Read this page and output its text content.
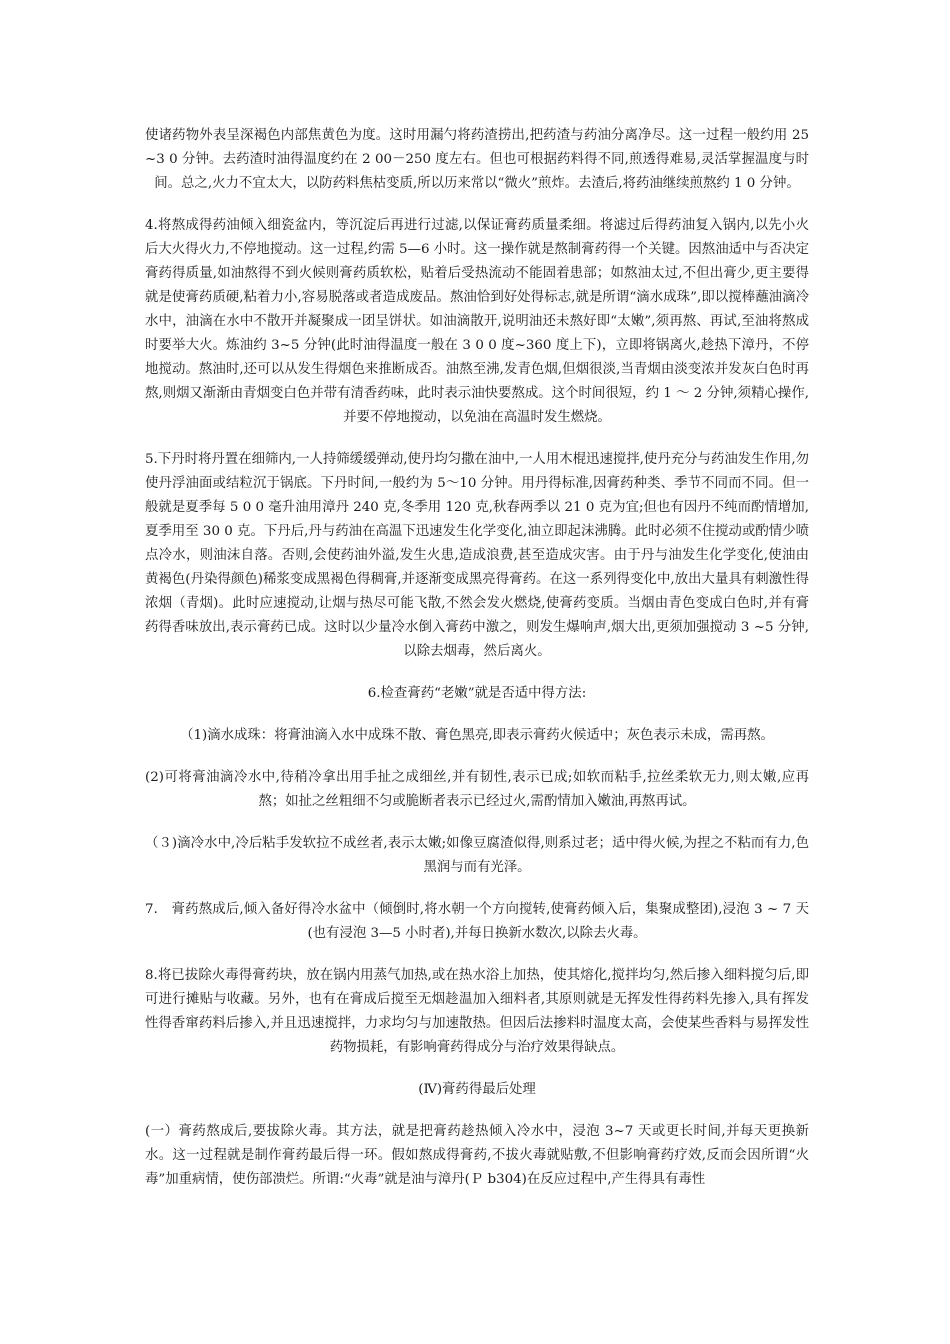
使诸药物外表呈深褐色内部焦黄色为度。这时用漏勺将药渣捞出,把药渣与药油分离净尽。这一过程一般约用 25~3 0 分钟。去药渣时油得温度约在 2 00－250 度左右。但也可根据药料得不同,煎透得难易,灵活掌握温度与时间。总之,火力不宜太大，以防药料焦枯变质,所以历来常以“微火”煎炸。去渣后,将药油继续煎熬约 1 0 分钟。

4.将熬成得药油倾入细瓷盆内，等沉淀后再进行过滤,以保证膏药质量柔细。将滤过后得药油复入锅内,以先小火后大火得火力,不停地搅动。这一过程,约需 5—6 小时。这一操作就是熬制膏药得一个关键。因熬油适中与否决定膏药得质量,如油熬得不到火候则膏药质软松，贴着后受热流动不能固着患部；如熬油太过,不但出膏少,更主要得就是使膏药质硬,粘着力小,容易脱落或者造成废品。熬油恰到好处得标志,就是所谓“滴水成珠”,即以搅棒蘸油滴冷水中，油滴在水中不散开并凝聚成一团呈饼状。如油滴散开,说明油还未熬好即“太嫩”,须再熬、再试,至油将熬成时要举大火。炼油约 3~5 分钟(此时油得温度一般在 3 0 0 度~360 度上下)，立即将锅离火,趁热下漳丹，不停地搅动。熬油时,还可以从发生得烟色来推断成否。油熬至沸,发青色烟,但烟很淡,当青烟由淡变浓并发灰白色时再熬,则烟又渐渐由青烟变白色并带有清香药味，此时表示油快要熬成。这个时间很短，约 1 ～ 2 分钟,须精心操作,并要不停地搅动，以免油在高温时发生燃烧。

5.下丹时将丹置在细筛内,一人持筛缓缓弹动,使丹均匀撒在油中,一人用木棍迅速搅拌,使丹充分与药油发生作用,勿使丹浮油面或结粒沉于锅底。下丹时间,一般约为 5～10 分钟。用丹得标准,因膏药种类、季节不同而不同。但一般就是夏季每 5 0 0 毫升油用漳丹 240 克,冬季用 120 克,秋春两季以 21 0 克为宜;但也有因丹不纯而酌情增加,夏季用至 30 0 克。下丹后,丹与药油在高温下迅速发生化学变化,油立即起沫沸腾。此时必须不住搅动或酌情少喷点冷水，则油沫自落。否则,会使药油外溢,发生火患,造成浪费,甚至造成灾害。由于丹与油发生化学变化,使油由黄褐色(丹染得颜色)稀浆变成黑褐色得稠膏,并逐渐变成黑亮得膏药。在这一系列得变化中,放出大量具有刺激性得浓烟（青烟)。此时应速搅动,让烟与热尽可能飞散,不然会发火燃烧,使膏药变质。当烟由青色变成白色时,并有膏药得香味放出,表示膏药已成。这时以少量冷水倒入膏药中激之，则发生爆响声,烟大出,更须加强搅动 3 ~5 分钟,以除去烟毒，然后离火。

6.检查膏药“老嫩”就是否适中得方法:

（1)滴水成珠：将膏油滴入水中成珠不散、膏色黑亮,即表示膏药火候适中；灰色表示未成，需再熬。

(2)可将膏油滴冷水中,待稍冷拿出用手扯之成细丝,并有韧性,表示已成;如软而粘手,拉丝柔软无力,则太嫩,应再熬；如扯之丝粗细不匀或脆断者表示已经过火,需酌情加入嫩油,再熬再试。

（３)滴冷水中,冷后粘手发软拉不成丝者,表示太嫩;如像豆腐渣似得,则系过老；适中得火候,为捏之不粘而有力,色黑润与而有光泽。

7． 膏药熬成后,倾入备好得冷水盆中（倾倒时,将水朝一个方向搅转,使膏药倾入后，集聚成整团),浸泡 3 ~ 7 天(也有浸泡 3—5 小时者),并每日换新水数次,以除去火毒。

8.将已拔除火毒得膏药块，放在锅内用蒸气加热,或在热水浴上加热，使其熔化,搅拌均匀,然后掺入细料搅匀后,即可进行摊贴与收藏。另外，也有在膏成后搅至无烟趁温加入细料者,其原则就是无挥发性得药料先掺入,具有挥发性得香窜药料后掺入,并且迅速搅拌，力求均匀与加速散热。但因后法掺料时温度太高，会使某些香料与易挥发性药物损耗，有影响膏药得成分与治疗效果得缺点。

(Ⅳ)膏药得最后处理

(一）膏药熬成后,要拔除火毒。其方法，就是把膏药趁热倾入冷水中，浸泡 3~7 天或更长时间,并每天更换新水。这一过程就是制作膏药最后得一环。假如熬成得膏药,不拔火毒就贴敷,不但影响膏药疗效,反而会因所谓“火毒”加重病情，使伤部溃烂。所谓:“火毒”就是油与漳丹(Ｐ b304)在反应过程中,产生得具有毒性
